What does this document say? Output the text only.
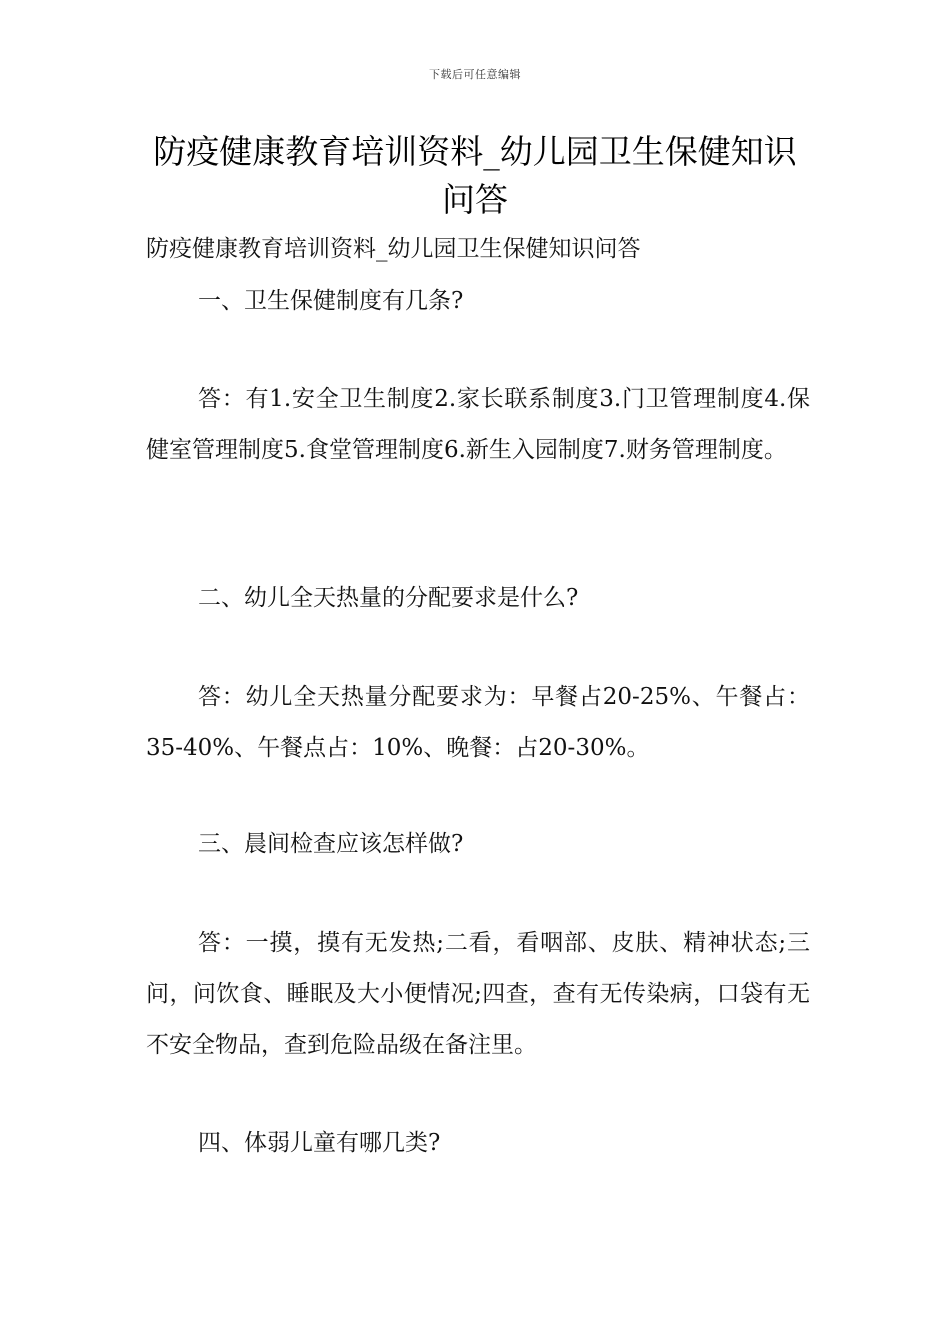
下载后可任意编辑
防疫健康教育培训资料_幼儿园卫生保健知识问答
防疫健康教育培训资料_幼儿园卫生保健知识问答

一、卫生保健制度有几条?

答：有1.安全卫生制度2.家长联系制度3.门卫管理制度4.保健室管理制度5.食堂管理制度6.新生入园制度7.财务管理制度。

二、幼儿全天热量的分配要求是什么?

答：幼儿全天热量分配要求为：早餐占20-25%、午餐占：35-40%、午餐点占：10%、晚餐：占20-30%。

三、晨间检查应该怎样做?

答：一摸，摸有无发热;二看，看咽部、皮肤、精神状态;三问，问饮食、睡眠及大小便情况;四查，查有无传染病，口袋有无不安全物品，查到危险品级在备注里。

四、体弱儿童有哪几类?
